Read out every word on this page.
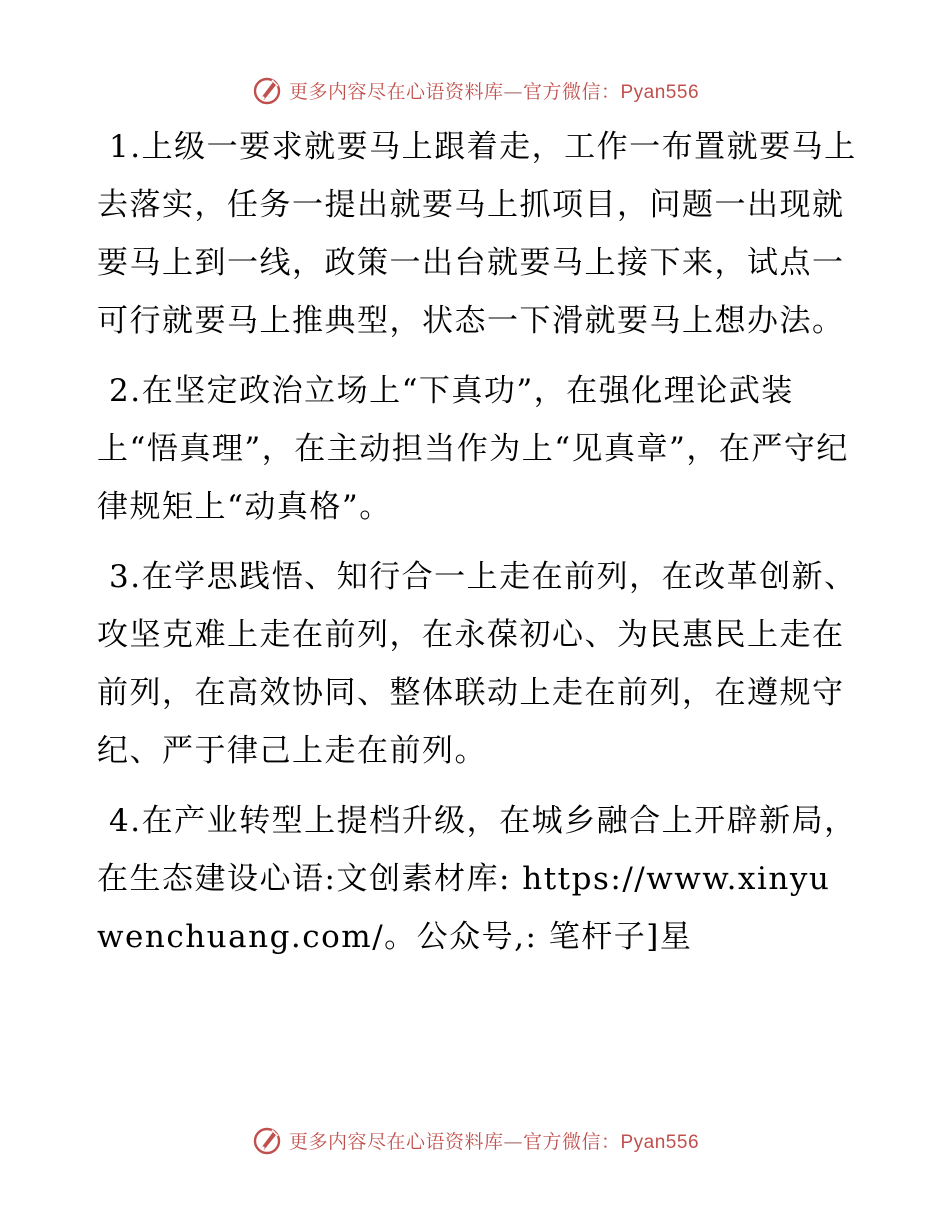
更多内容尽在心语资料库—官方微信：Pyan556

1.上级一要求就要马上跟着走，工作一布置就要马上去落实，任务一提出就要马上抓项目，问题一出现就要马上到一线，政策一出台就要马上接下来，试点一可行就要马上推典型，状态一下滑就要马上想办法。

2.在坚定政治立场上“下真功”，在强化理论武装上“悟真理”，在主动担当作为上“见真章”，在严守纪律规矩上“动真格”。

3.在学思践悟、知行合一上走在前列，在改革创新、攻坚克难上走在前列，在永葆初心、为民惠民上走在前列，在高效协同、整体联动上走在前列，在遵规守纪、严于律己上走在前列。

4.在产业转型上提档升级，在城乡融合上开辟新局，在生态建设心语:文创素材库: https://www.xinyuwenchuang.com/。公众号,: 笔杆子]星

更多内容尽在心语资料库—官方微信：Pyan556
